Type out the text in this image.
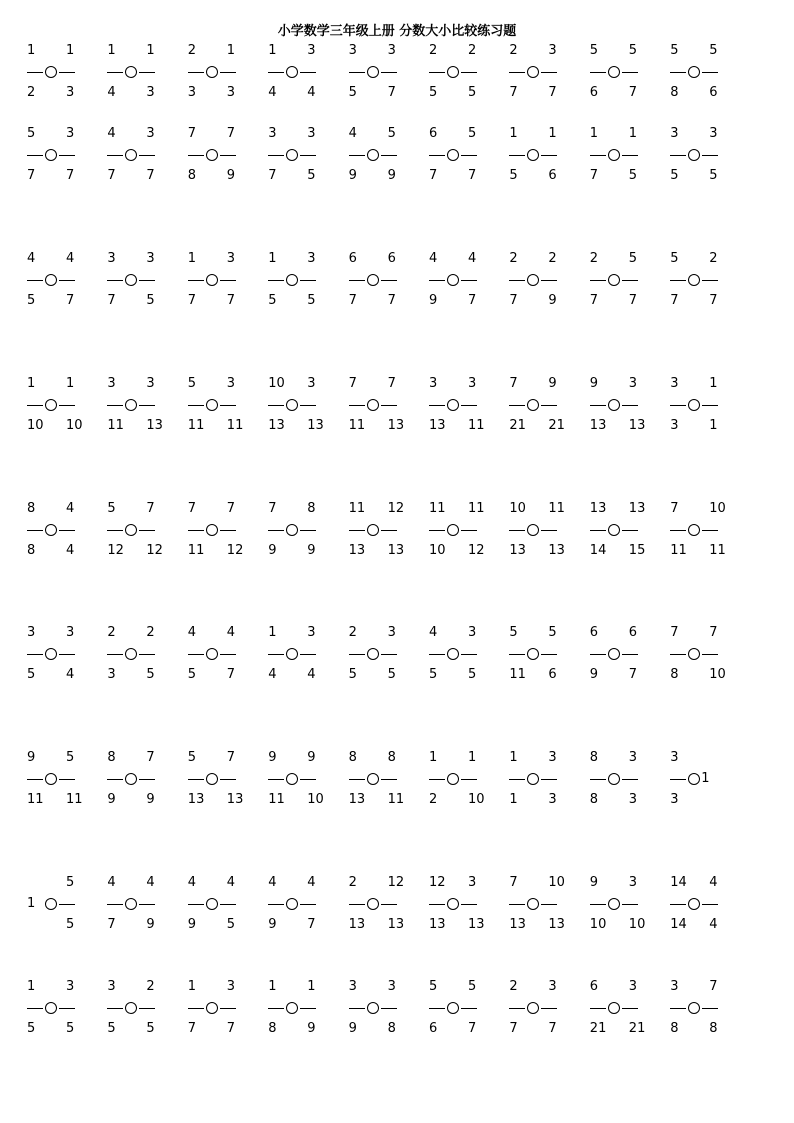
小学数学三年级上册 分数大小比较练习题
1
2
1
3
1
4
1
3
2
3
1
3
1
4
3
4
3
5
3
7
2
5
2
5
2
7
3
7
5
6
5
7
5
8
5
6
5
7
3
7
4
7
3
7
7
8
7
9
3
7
3
5
4
9
5
9
6
7
5
7
1
5
1
6
1
7
1
5
3
5
3
5
4
5
4
7
3
7
3
5
1
7
3
7
1
5
3
5
6
7
6
7
4
9
4
7
2
7
2
9
2
7
5
7
5
7
2
7
1
10
1
10
3
11
3
13
5
11
3
11
10
13
3
13
7
11
7
13
3
13
3
11
7
21
9
21
9
13
3
13
3
3
1
1
8
8
4
4
5
12
7
12
7
11
7
12
7
9
8
9
11
13
12
13
11
10
11
12
10
13
11
13
13
14
13
15
7
11
10
11
3
5
3
4
2
3
2
5
4
5
4
7
1
4
3
4
2
5
3
5
4
5
3
5
5
11
5
6
6
9
6
7
7
8
7
10
9
11
5
11
8
9
7
9
5
13
7
13
9
11
9
10
8
13
8
11
1
2
1
10
1
1
3
3
8
8
3
3
3
3
1
1
5
5
4
7
4
9
4
9
4
5
4
9
4
7
2
13
12
13
12
13
3
13
7
13
10
13
9
10
3
10
14
14
4
4
1
5
3
5
3
5
2
5
1
7
3
7
1
8
1
9
3
9
3
8
5
6
5
7
2
7
3
7
6
21
3
21
3
8
7
8
